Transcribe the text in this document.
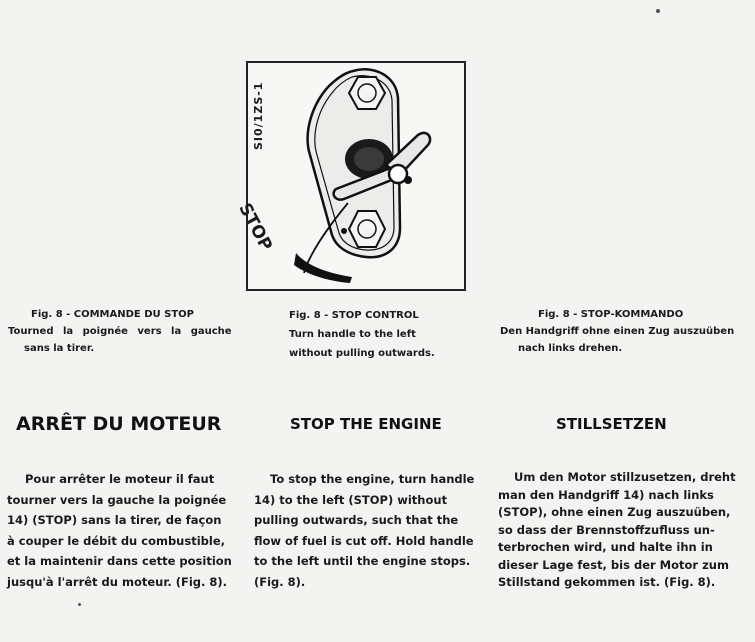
SI0/1ZS-1
STOP
Fig. 8 - COMMANDE DU STOP
Tourned la poignée vers la gauche
sans la tirer.
Fig. 8 - STOP CONTROL
Turn handle to the left
without pulling outwards.
Fig. 8 - STOP-KOMMANDO
Den Handgriff ohne einen Zug auszuüben
nach links drehen.
ARRÊT DU MOTEUR	STOP THE ENGINE	STILLSETZEN
Pour arrêter le moteur il faut
tourner vers la gauche la poignée
14) (STOP) sans la tirer, de façon
à couper le débit du combustible,
et la maintenir dans cette position
jusqu'à l'arrêt du moteur. (Fig. 8).
To stop the engine, turn handle
14) to the left (STOP) without
pulling outwards, such that the
flow of fuel is cut off. Hold handle
to the left until the engine stops.
(Fig. 8).
Um den Motor stillzusetzen, dreht
man den Handgriff 14) nach links
(STOP), ohne einen Zug auszuüben,
so dass der Brennstoffzufluss un-
terbrochen wird, und halte ihn in
dieser Lage fest, bis der Motor zum
Stillstand gekommen ist. (Fig. 8).
